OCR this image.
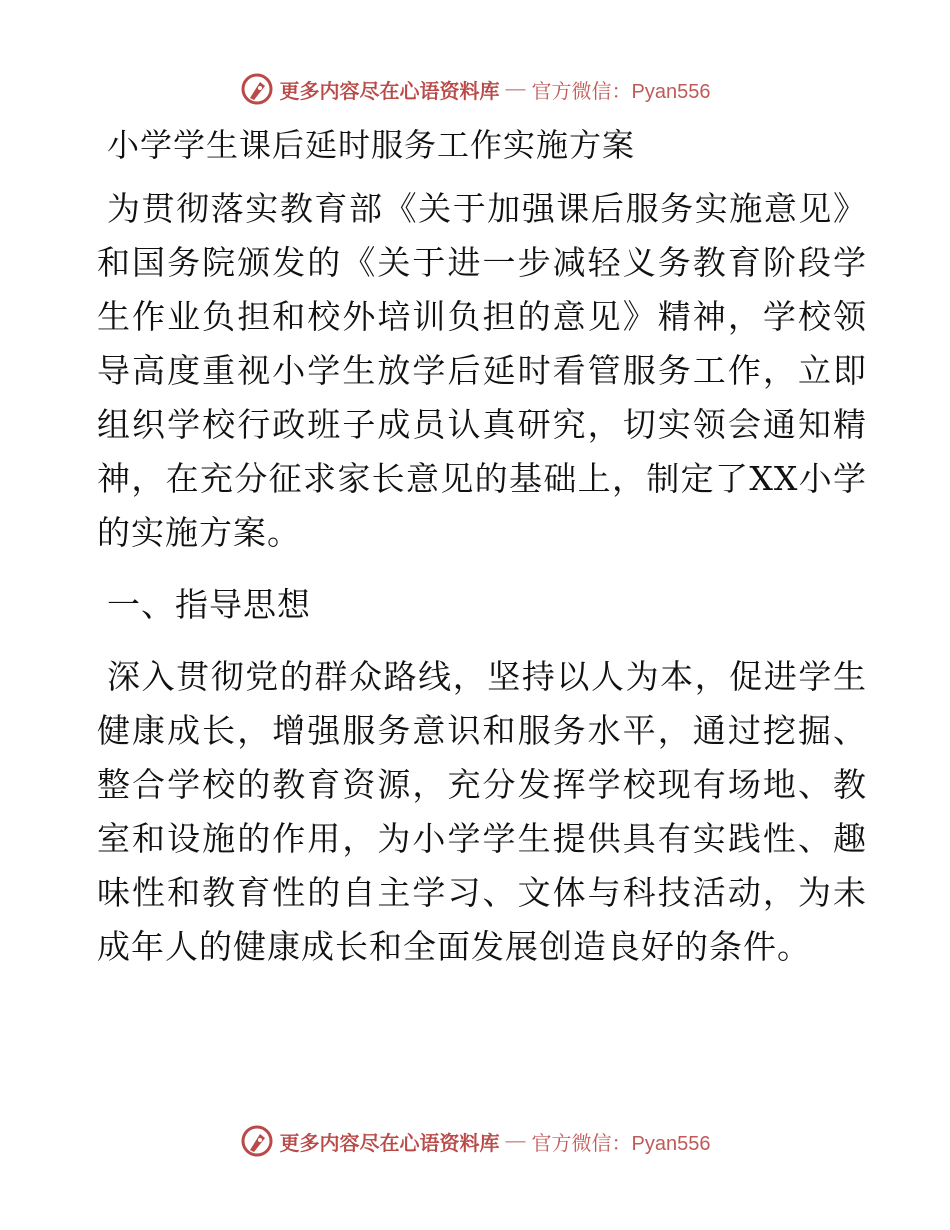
更多内容尽在心语资料库 — 官方微信：Pyan556
小学学生课后延时服务工作实施方案

为贯彻落实教育部《关于加强课后服务实施意见》和国务院颁发的《关于进一步减轻义务教育阶段学生作业负担和校外培训负担的意见》精神，学校领导高度重视小学生放学后延时看管服务工作，立即组织学校行政班子成员认真研究，切实领会通知精神，在充分征求家长意见的基础上，制定了XX小学的实施方案。

一、指导思想

深入贯彻党的群众路线，坚持以人为本，促进学生健康成长，增强服务意识和服务水平，通过挖掘、整合学校的教育资源，充分发挥学校现有场地、教室和设施的作用，为小学学生提供具有实践性、趣味性和教育性的自主学习、文体与科技活动，为未成年人的健康成长和全面发展创造良好的条件。

更多内容尽在心语资料库 — 官方微信：Pyan556
